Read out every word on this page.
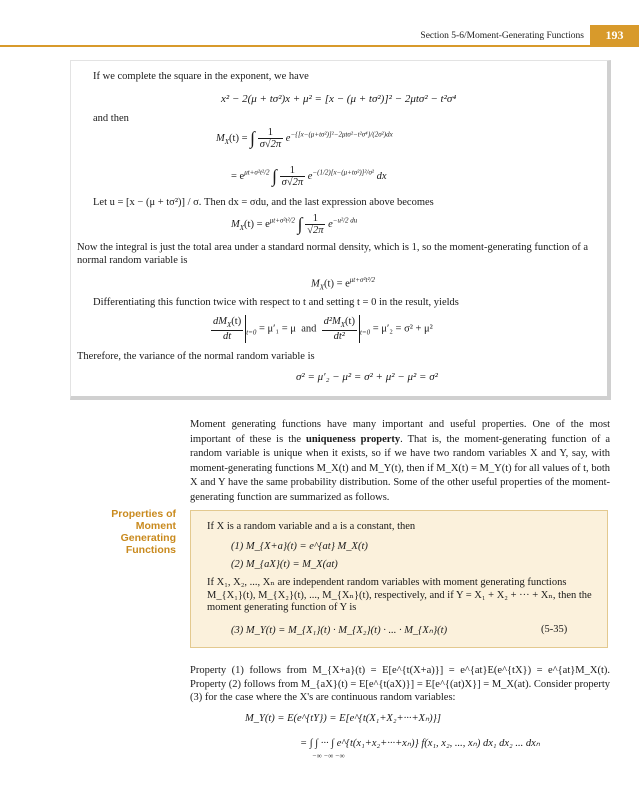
Section 5-6/Moment-Generating Functions	193
If we complete the square in the exponent, we have
x² − 2(μ + tσ²)x + μ² = [x − (μ + tσ²)]² − 2μtσ² − t²σ⁴
and then
$M_X(t)$ = ∫ $\frac{1}{\sigma√2\pi} e^{-\{[x-(\mu+t\sigma^2)]^2-2\mu t\sigma^2-t^2\sigma^4\}/(2\sigma^2)dx}$
= $e^{\mu t+\sigma^2t^2/2}$ ∫ $\frac{1}{\sigma√2\pi} e^{-(1/2)[x-(\mu+t\sigma^2)]^2/\sigma^2}$ dx
Let u = [x − (μ + tσ²)] / σ. Then dx = σdu, and the last expression above becomes
$M_X(t) = e^{\mu t+\sigma^2t^2/2}$ ∫ $\frac{1}{√2\pi} e^{-u^2/2 du}$
Now the integral is just the total area under a standard normal density, which is 1, so the moment-generating function of a normal random variable is
$M_X(t) = e^{\mu t+\sigma^2t^2/2}$
Differentiating this function twice with respect to t and setting t = 0 in the result, yields
$\frac{dM_X(t)}{dt} _{t=0} = \mu'_1 = \mu$ and $\frac{d^2M_X(t)}{\text{dt²}} _{t=0} = \mu'_2 = \sigma^2 + \mu^2$
Therefore, the variance of the normal random variable is
σ² = μ′₂ − μ² = σ² + μ² − μ² = σ²
Moment generating functions have many important and useful properties. One of the most important of these is the uniqueness property. That is, the moment-generating function of a random variable is unique when it exists, so if we have two random variables X and Y, say, with moment-generating functions M_X(t) and M_Y(t), then if M_X(t) = M_Y(t) for all values of t, both X and Y have the same probability distribution. Some of the other useful properties of the moment-generating function are summarized as follows.
Properties of
Moment Generating
Functions
If X is a random variable and a is a constant, then
(1) M_{X+a}(t) = e^{at} M_X(t)
(2) M_{aX}(t) = M_X(at)
If X₁, X₂, ..., Xₙ are independent random variables with moment generating functions M_{X₁}(t), M_{X₂}(t), ..., M_{Xₙ}(t), respectively, and if Y = X₁ + X₂ + ··· + Xₙ, then the moment generating function of Y is
(3) M_Y(t) = M_{X₁}(t) · M_{X₂}(t) · ... · M_{Xₙ}(t)	(5-35)
Property (1) follows from M_{X+a}(t) = E[e^{t(X+a)}] = e^{at}E(e^{tX}) = e^{at}M_X(t). Property (2) follows from M_{aX}(t) = E[e^{t(aX)}] = E[e^{(at)X}] = M_X(at). Consider property (3) for the case where the X's are continuous random variables:
M_Y(t) = E(e^{tY}) = E[e^{t(X₁+X₂+···+Xₙ)}]
= ∫ ∫ ··· ∫ e^{t(x₁+x₂+···+xₙ)} f(x₁, x₂, ..., xₙ) dx₁ dx₂ ... dxₙ
−∞ −∞ −∞
